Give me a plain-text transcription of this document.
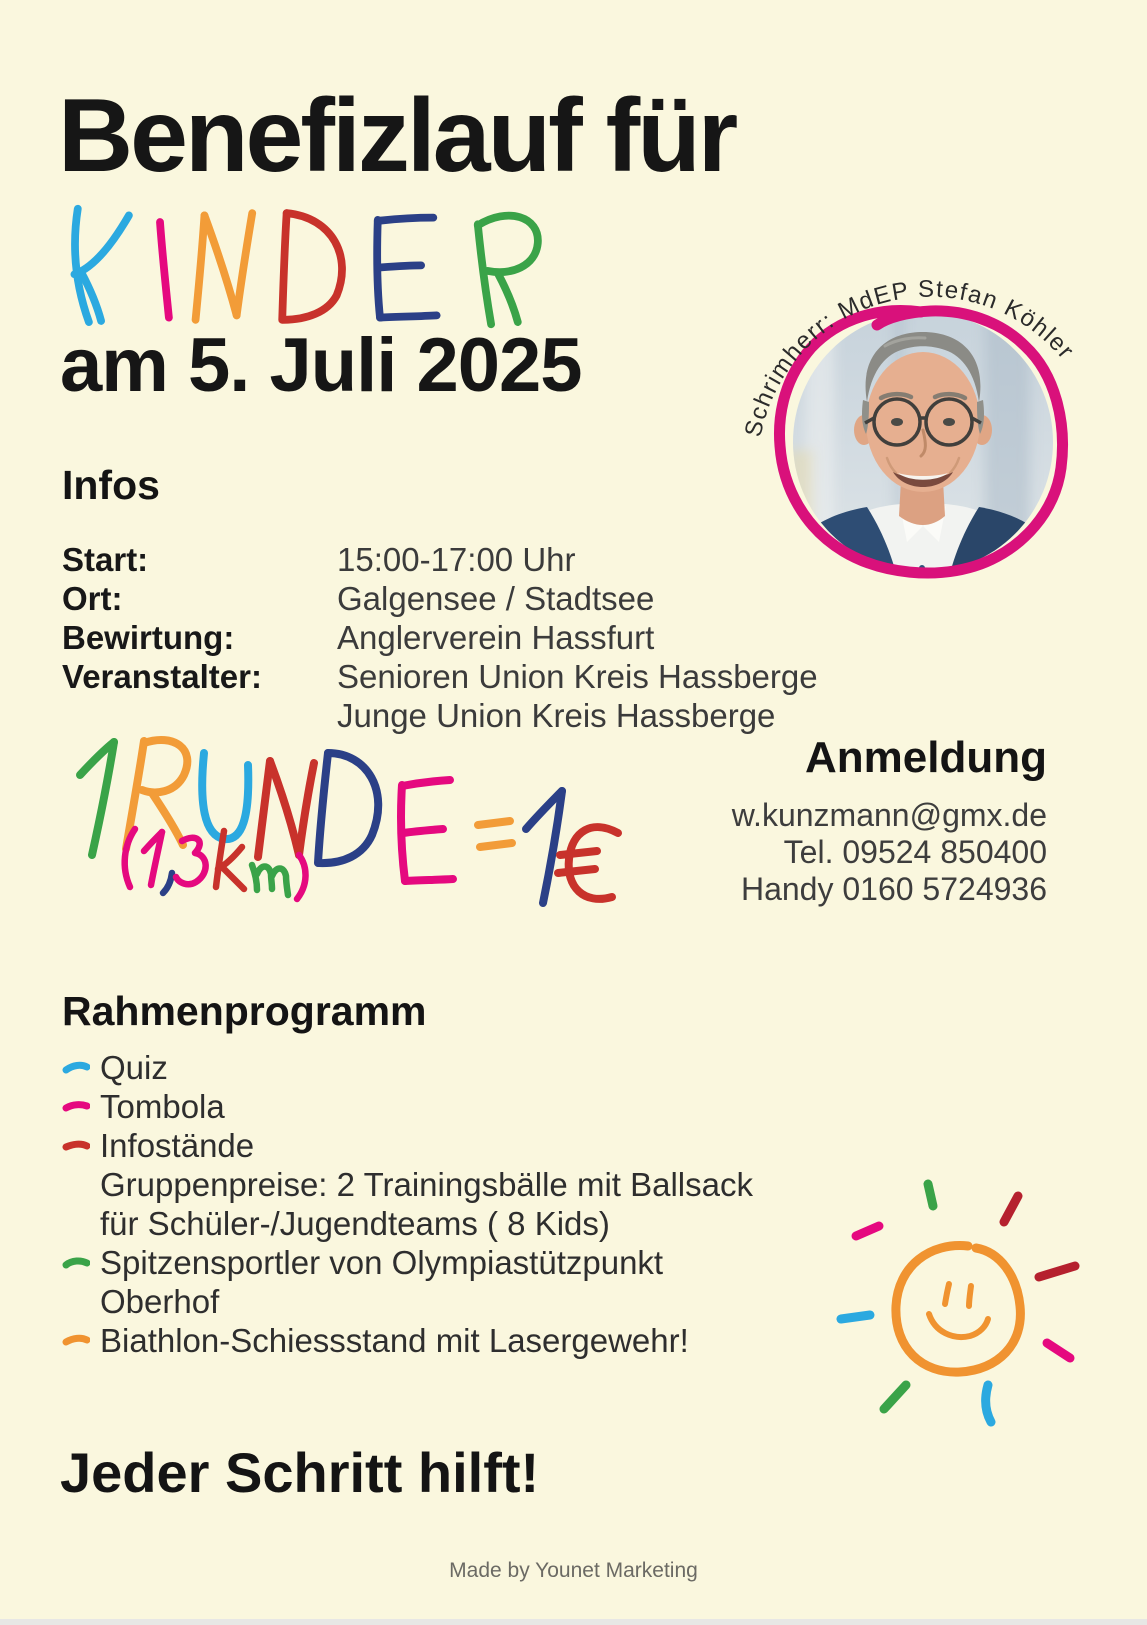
Benefizlauf für
am 5. Juli 2025
Schrimherr: MdEP Stefan Köhler
Infos
Start:	15:00-17:00 Uhr
Ort:	Galgensee / Stadtsee
Bewirtung:	Anglerverein Hassfurt
Veranstalter:	Senioren Union Kreis Hassberge
Junge Union Kreis Hassberge
Anmeldung
w.kunzmann@gmx.de
Tel. 09524 850400
Handy 0160 5724936
Rahmenprogramm
Quiz
Tombola
Infostände
Gruppenpreise: 2 Trainingsbälle mit Ballsack
für Schüler-/Jugendteams ( 8 Kids)
Spitzensportler von Olympiastützpunkt
Oberhof
Biathlon-Schiessstand mit Lasergewehr!
Jeder Schritt hilft!
Made by Younet Marketing
